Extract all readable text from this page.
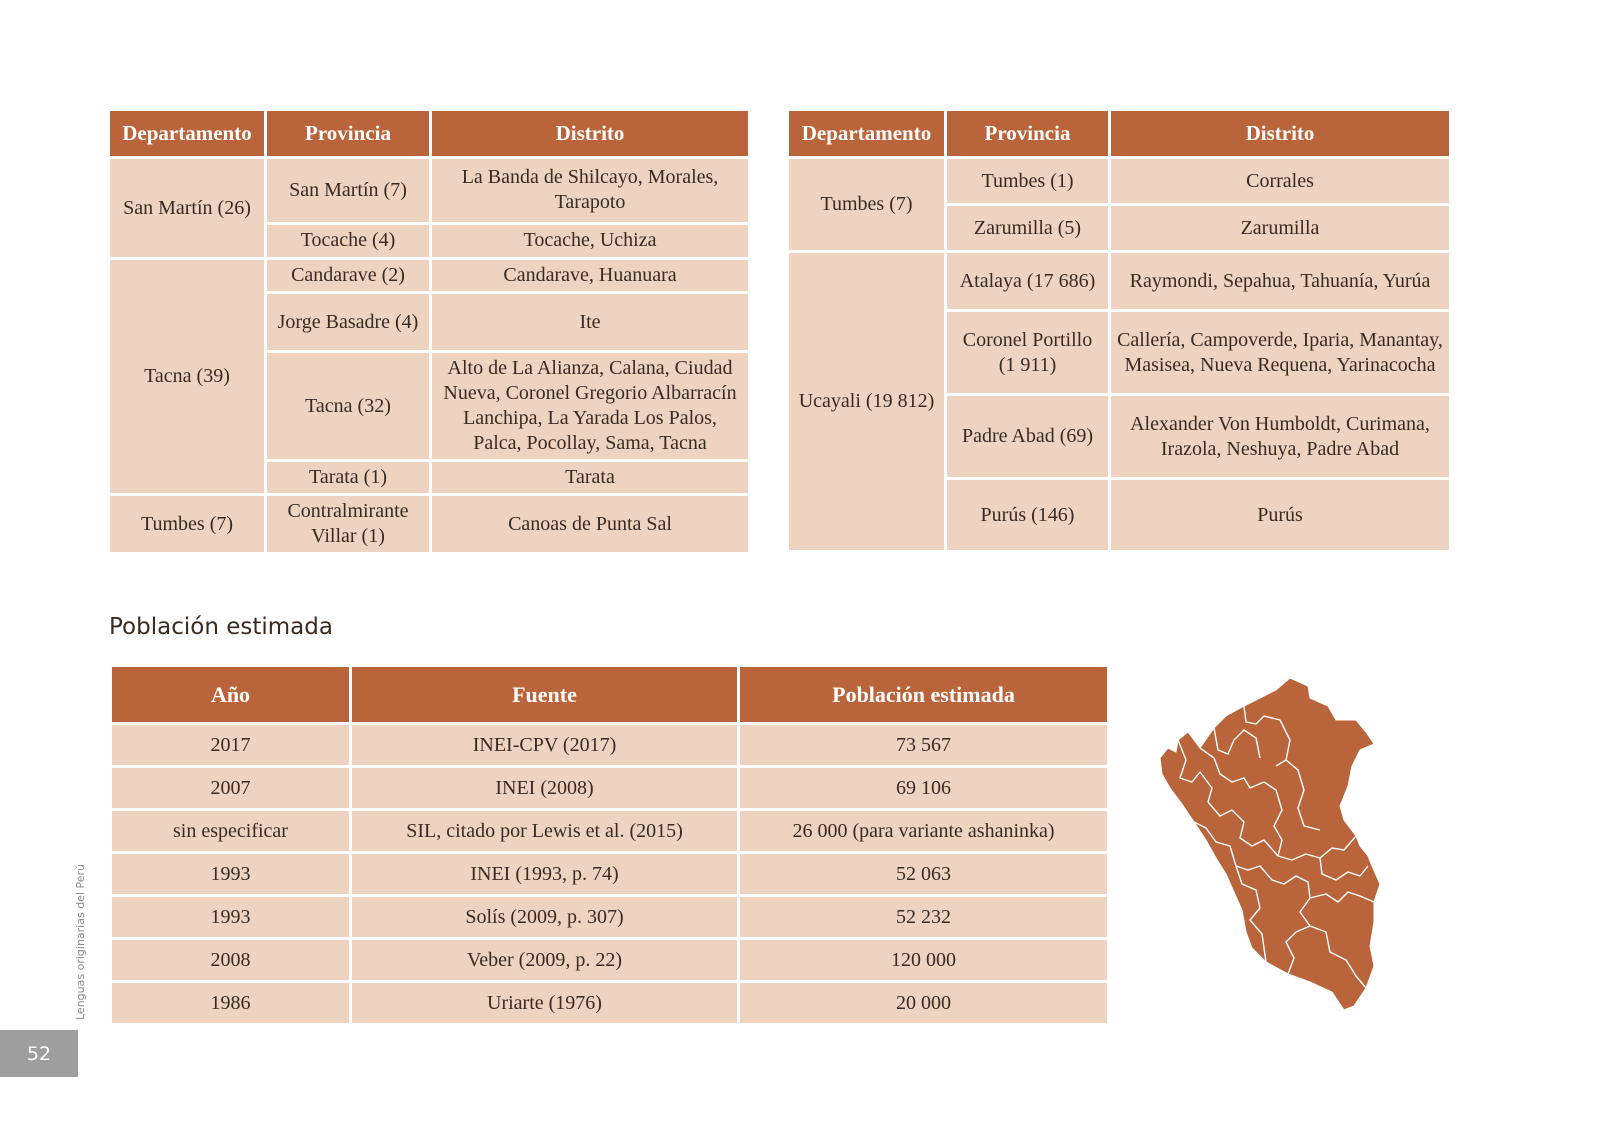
Departamento	Provincia	Distrito
San Martín (26)	San Martín (7)	La Banda de Shilcayo, Morales, Tarapoto
	Tocache (4)	Tocache, Uchiza
Tacna (39)	Candarave (2)	Candarave, Huanuara
	Jorge Basadre (4)	Ite
	Tacna (32)	Alto de La Alianza, Calana, Ciudad Nueva, Coronel Gregorio Albarracín Lanchipa, La Yarada Los Palos, Palca, Pocollay, Sama, Tacna
	Tarata (1)	Tarata
Tumbes (7)	Contralmirante Villar (1)	Canoas de Punta Sal
Departamento	Provincia	Distrito
Tumbes (7)	Tumbes (1)	Corrales
	Zarumilla (5)	Zarumilla
Ucayali (19 812)	Atalaya (17 686)	Raymondi, Sepahua, Tahuanía, Yurúa
	Coronel Portillo (1 911)	Callería, Campoverde, Iparia, Manantay, Masisea, Nueva Requena, Yarinacocha
	Padre Abad (69)	Alexander Von Humboldt, Curimana, Irazola, Neshuya, Padre Abad
	Purús (146)	Purús
Población estimada
Año	Fuente	Población estimada
2017	INEI-CPV (2017)	73 567
2007	INEI (2008)	69 106
sin especificar	SIL, citado por Lewis et al. (2015)	26 000 (para variante ashaninka)
1993	INEI (1993, p. 74)	52 063
1993	Solís (2009, p. 307)	52 232
2008	Veber (2009, p. 22)	120 000
1986	Uriarte (1976)	20 000
Lenguas originarias del Perú
52
